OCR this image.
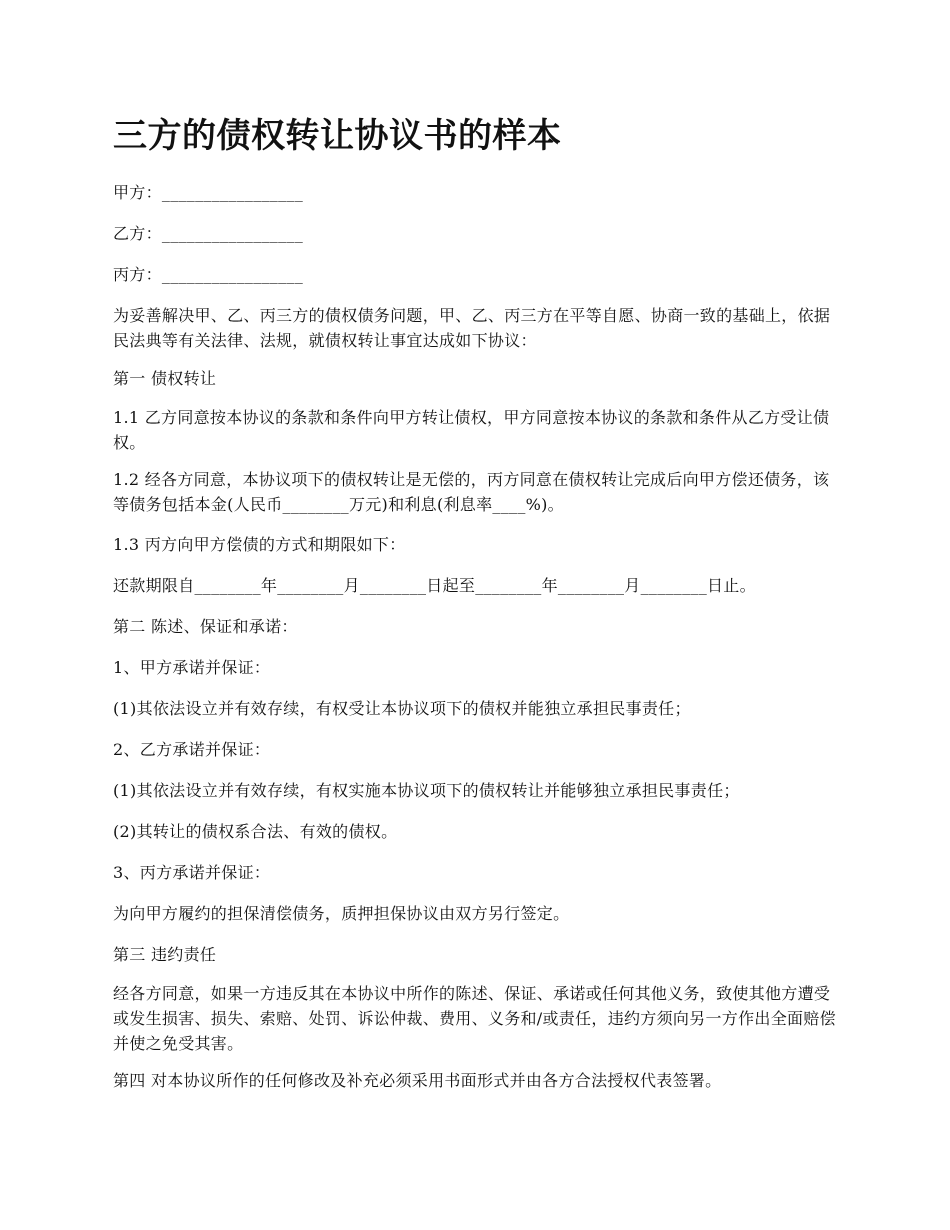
三方的债权转让协议书的样本
甲方：_________________
乙方：_________________
丙方：_________________
为妥善解决甲、乙、丙三方的债权债务问题，甲、乙、丙三方在平等自愿、协商一致的基础上，依据民法典等有关法律、法规，就债权转让事宜达成如下协议：
第一 债权转让
1.1 乙方同意按本协议的条款和条件向甲方转让债权，甲方同意按本协议的条款和条件从乙方受让债权。
1.2 经各方同意，本协议项下的债权转让是无偿的，丙方同意在债权转让完成后向甲方偿还债务，该等债务包括本金(人民币________万元)和利息(利息率____%)。
1.3 丙方向甲方偿债的方式和期限如下：
还款期限自________年________月________日起至________年________月________日止。
第二 陈述、保证和承诺：
1、甲方承诺并保证：
(1)其依法设立并有效存续，有权受让本协议项下的债权并能独立承担民事责任；
2、乙方承诺并保证：
(1)其依法设立并有效存续，有权实施本协议项下的债权转让并能够独立承担民事责任；
(2)其转让的债权系合法、有效的债权。
3、丙方承诺并保证：
为向甲方履约的担保清偿债务，质押担保协议由双方另行签定。
第三 违约责任
经各方同意，如果一方违反其在本协议中所作的陈述、保证、承诺或任何其他义务，致使其他方遭受或发生损害、损失、索赔、处罚、诉讼仲裁、费用、义务和/或责任，违约方须向另一方作出全面赔偿并使之免受其害。
第四 对本协议所作的任何修改及补充必须采用书面形式并由各方合法授权代表签署。
